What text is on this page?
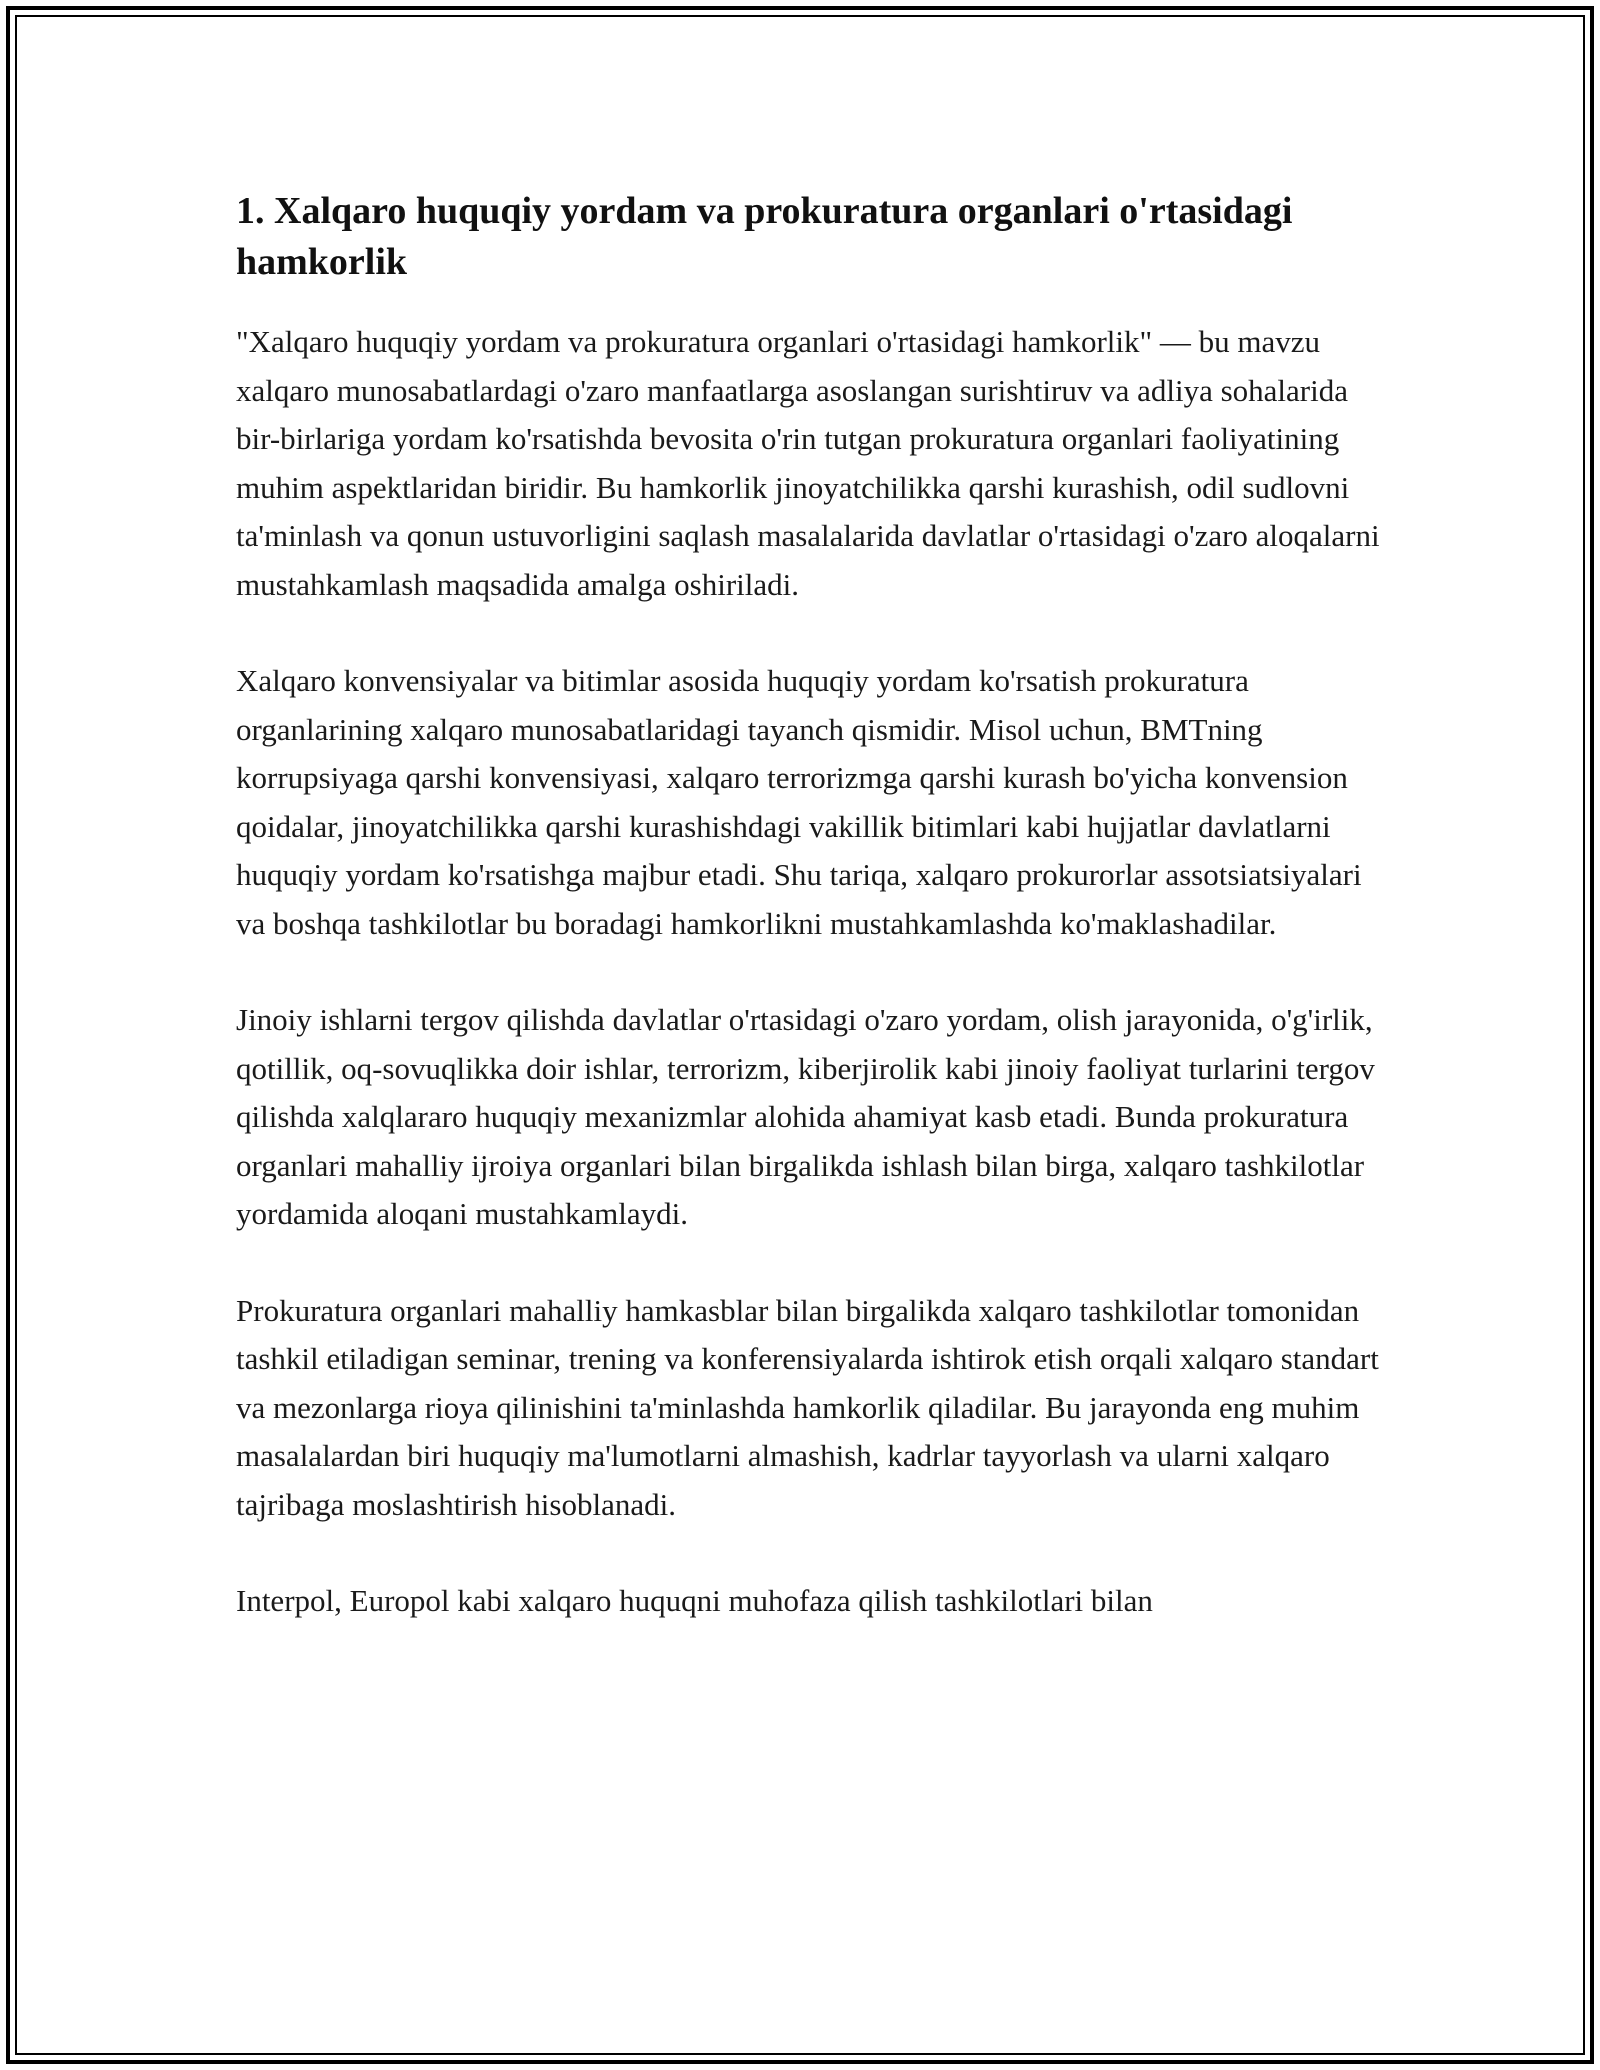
1. Xalqaro huquqiy yordam va prokuratura organlari o'rtasidagi hamkorlik

"Xalqaro huquqiy yordam va prokuratura organlari o'rtasidagi hamkorlik" — bu mavzu xalqaro munosabatlardagi o'zaro manfaatlarga asoslangan surishtiruv va adliya sohalarida bir-birlariga yordam ko'rsatishda bevosita o'rin tutgan prokuratura organlari faoliyatining muhim aspektlaridan biridir. Bu hamkorlik jinoyatchilikka qarshi kurashish, odil sudlovni ta'minlash va qonun ustuvorligini saqlash masalalarida davlatlar o'rtasidagi o'zaro aloqalarni mustahkamlash maqsadida amalga oshiriladi.

Xalqaro konvensiyalar va bitimlar asosida huquqiy yordam ko'rsatish prokuratura organlarining xalqaro munosabatlaridagi tayanch qismidir. Misol uchun, BMTning korrupsiyaga qarshi konvensiyasi, xalqaro terrorizmga qarshi kurash bo'yicha konvension qoidalar, jinoyatchilikka qarshi kurashishdagi vakillik bitimlari kabi hujjatlar davlatlarni huquqiy yordam ko'rsatishga majbur etadi. Shu tariqa, xalqaro prokurorlar assotsiatsiyalari va boshqa tashkilotlar bu boradagi hamkorlikni mustahkamlashda ko'maklashadilar.

Jinoiy ishlarni tergov qilishda davlatlar o'rtasidagi o'zaro yordam, olish jarayonida, o'g'irlik, qotillik, oq-sovuqlikka doir ishlar, terrorizm, kiberjirolik kabi jinoiy faoliyat turlarini tergov qilishda xalqlararo huquqiy mexanizmlar alohida ahamiyat kasb etadi. Bunda prokuratura organlari mahalliy ijroiya organlari bilan birgalikda ishlash bilan birga, xalqaro tashkilotlar yordamida aloqani mustahkamlaydi.

Prokuratura organlari mahalliy hamkasblar bilan birgalikda xalqaro tashkilotlar tomonidan tashkil etiladigan seminar, trening va konferensiyalarda ishtirok etish orqali xalqaro standart va mezonlarga rioya qilinishini ta'minlashda hamkorlik qiladilar. Bu jarayonda eng muhim masalalardan biri huquqiy ma'lumotlarni almashish, kadrlar tayyorlash va ularni xalqaro tajribaga moslashtirish hisoblanadi.

Interpol, Europol kabi xalqaro huquqni muhofaza qilish tashkilotlari bilan
